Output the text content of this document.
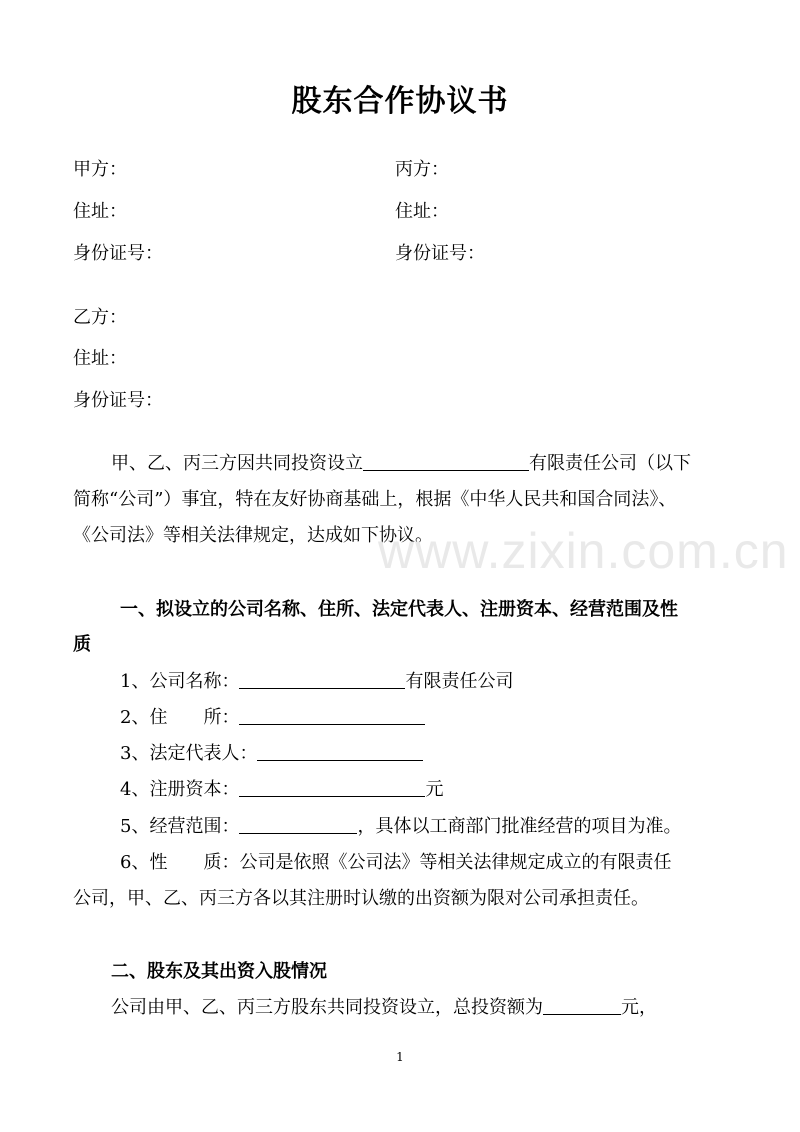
股东合作协议书
甲方：	丙方：
住址：	住址：
身份证号：	身份证号：
乙方：
住址：
身份证号：
甲、乙、丙三方因共同投资设立	有限责任公司（以下
简称“公司”）事宜，特在友好协商基础上，根据《中华人民共和国合同法》、
《公司法》等相关法律规定，达成如下协议。
www.zixin.com.cn
一、拟设立的公司名称、住所、法定代表人、注册资本、经营范围及性
质
1、公司名称：	有限责任公司
2、住　　所：
3、法定代表人：
4、注册资本：	元
5、经营范围：	，具体以工商部门批准经营的项目为准。
6、性　　质：公司是依照《公司法》等相关法律规定成立的有限责任
公司，甲、乙、丙三方各以其注册时认缴的出资额为限对公司承担责任。
二、股东及其出资入股情况
公司由甲、乙、丙三方股东共同投资设立，总投资额为	元，
1
